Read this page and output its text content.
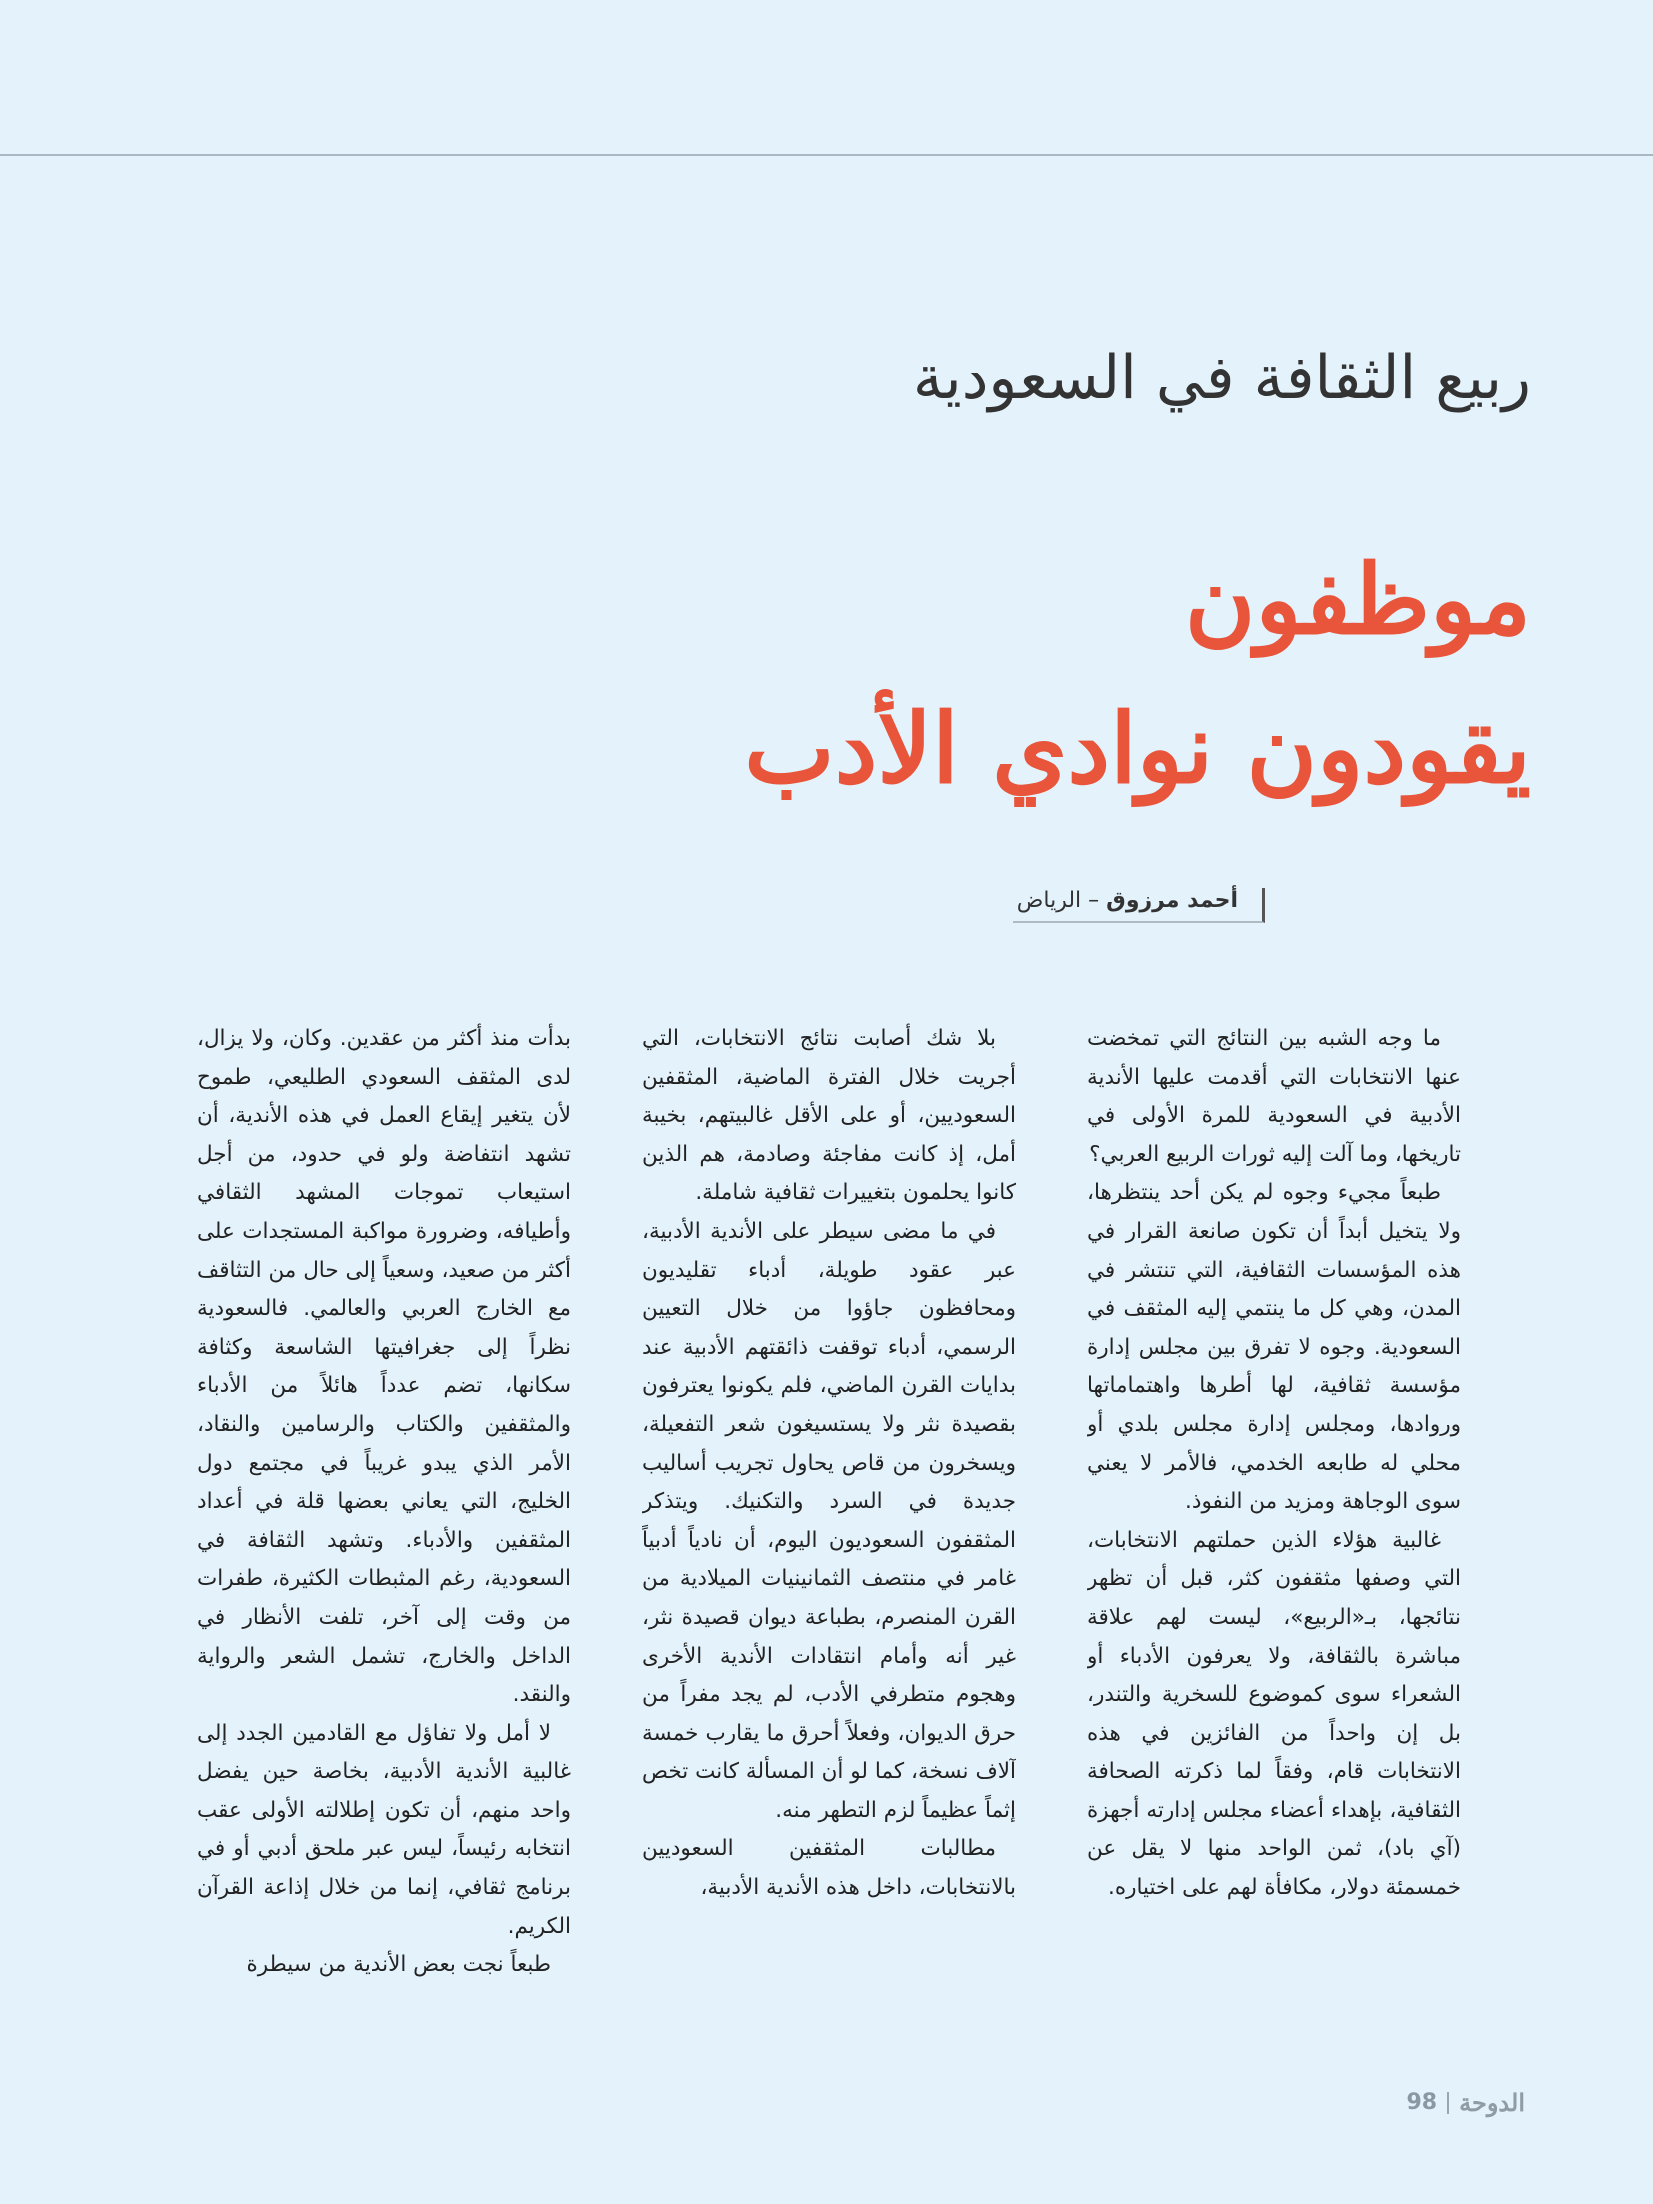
ربيع الثقافة في السعودية
موظفون
يقودون نوادي الأدب
أحمد مرزوق – الرياض

ما وجه الشبه بين النتائج التي تمخضت عنها الانتخابات التي أقدمت عليها الأندية الأدبية في السعودية للمرة الأولى في تاريخها، وما آلت إليه ثورات الربيع العربي؟

طبعاً مجيء وجوه لم يكن أحد ينتظرها، ولا يتخيل أبداً أن تكون صانعة القرار في هذه المؤسسات الثقافية، التي تنتشر في المدن، وهي كل ما ينتمي إليه المثقف في السعودية. وجوه لا تفرق بين مجلس إدارة مؤسسة ثقافية، لها أطرها واهتماماتها وروادها، ومجلس إدارة مجلس بلدي أو محلي له طابعه الخدمي، فالأمر لا يعني سوى الوجاهة ومزيد من النفوذ.

غالبية هؤلاء الذين حملتهم الانتخابات، التي وصفها مثقفون كثر، قبل أن تظهر نتائجها، بـ«الربيع»، ليست لهم علاقة مباشرة بالثقافة، ولا يعرفون الأدباء أو الشعراء سوى كموضوع للسخرية والتندر، بل إن واحداً من الفائزين في هذه الانتخابات قام، وفقاً لما ذكرته الصحافة الثقافية، بإهداء أعضاء مجلس إدارته أجهزة (آي باد)، ثمن الواحد منها لا يقل عن خمسمئة دولار، مكافأة لهم على اختياره.

بلا شك أصابت نتائج الانتخابات، التي أجريت خلال الفترة الماضية، المثقفين السعوديين، أو على الأقل غالبيتهم، بخيبة أمل، إذ كانت مفاجئة وصادمة، هم الذين كانوا يحلمون بتغييرات ثقافية شاملة.

في ما مضى سيطر على الأندية الأدبية، عبر عقود طويلة، أدباء تقليديون ومحافظون جاؤوا من خلال التعيين الرسمي، أدباء توقفت ذائقتهم الأدبية عند بدايات القرن الماضي، فلم يكونوا يعترفون بقصيدة نثر ولا يستسيغون شعر التفعيلة، ويسخرون من قاص يحاول تجريب أساليب جديدة في السرد والتكنيك. ويتذكر المثقفون السعوديون اليوم، أن نادياً أدبياً غامر في منتصف الثمانينيات الميلادية من القرن المنصرم، بطباعة ديوان قصيدة نثر، غير أنه وأمام انتقادات الأندية الأخرى وهجوم متطرفي الأدب، لم يجد مفراً من حرق الديوان، وفعلاً أحرق ما يقارب خمسة آلاف نسخة، كما لو أن المسألة كانت تخص إثماً عظيماً لزم التطهر منه.

مطالبات المثقفين السعوديين بالانتخابات، داخل هذه الأندية الأدبية،

بدأت منذ أكثر من عقدين. وكان، ولا يزال، لدى المثقف السعودي الطليعي، طموح لأن يتغير إيقاع العمل في هذه الأندية، أن تشهد انتفاضة ولو في حدود، من أجل استيعاب تموجات المشهد الثقافي وأطيافه، وضرورة مواكبة المستجدات على أكثر من صعيد، وسعياً إلى حال من التثاقف مع الخارج العربي والعالمي. فالسعودية نظراً إلى جغرافيتها الشاسعة وكثافة سكانها، تضم عدداً هائلاً من الأدباء والمثقفين والكتاب والرسامين والنقاد، الأمر الذي يبدو غريباً في مجتمع دول الخليج، التي يعاني بعضها قلة في أعداد المثقفين والأدباء. وتشهد الثقافة في السعودية، رغم المثبطات الكثيرة، طفرات من وقت إلى آخر، تلفت الأنظار في الداخل والخارج، تشمل الشعر والرواية والنقد.

لا أمل ولا تفاؤل مع القادمين الجدد إلى غالبية الأندية الأدبية، بخاصة حين يفضل واحد منهم، أن تكون إطلالته الأولى عقب انتخابه رئيساً، ليس عبر ملحق أدبي أو في برنامج ثقافي، إنما من خلال إذاعة القرآن الكريم.

طبعاً نجت بعض الأندية من سيطرة

الدوحة
98
